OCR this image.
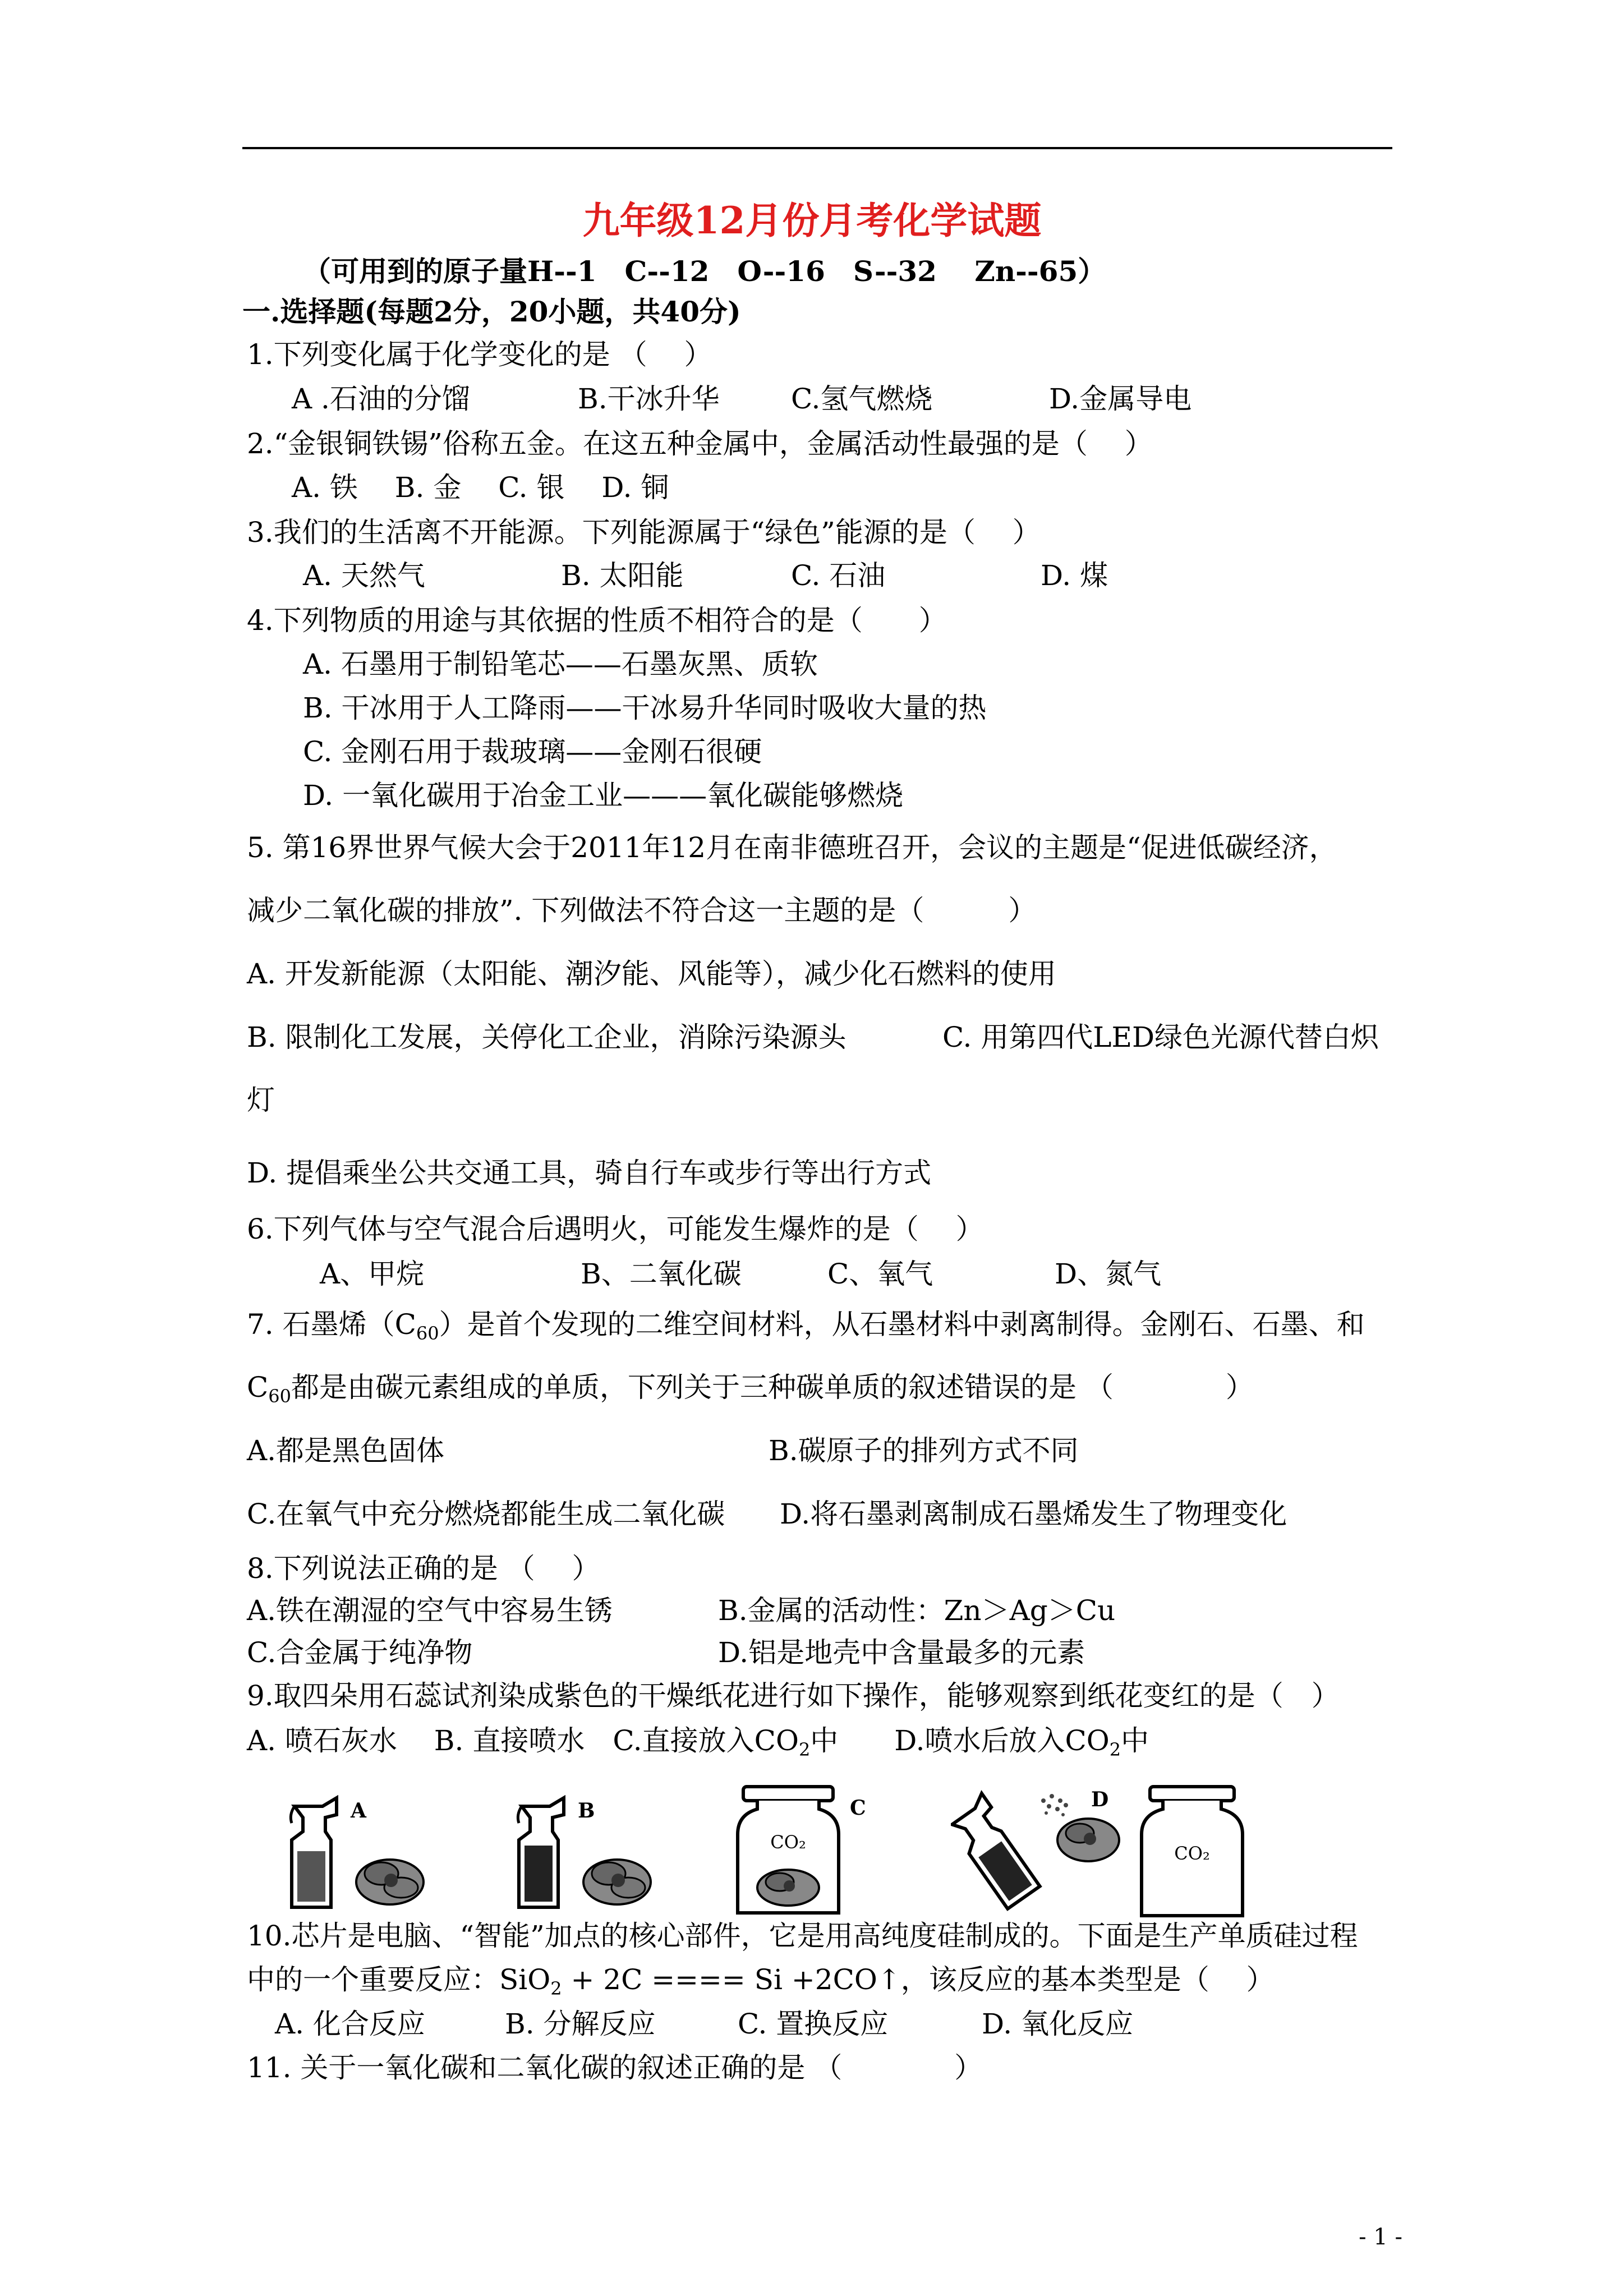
九年级12月份月考化学试题
（可用到的原子量H--1　C--12　O--16　S--32　 Zn--65）
一.选择题(每题2分，20小题，共40分)
1.下列变化属于化学变化的是 （　 ）
A .石油的分馏	B.干冰升华	C.氢气燃烧	D.金属导电
2.“金银铜铁锡”俗称五金。在这五种金属中，金属活动性最强的是（　 ）
A. 铁　 B. 金　 C. 银　 D. 铜
3.我们的生活离不开能源。下列能源属于“绿色”能源的是（　 ）
A. 天然气	B. 太阳能	C. 石油	D. 煤
4.下列物质的用途与其依据的性质不相符合的是（　　）
A. 石墨用于制铅笔芯——石墨灰黑、质软
B. 干冰用于人工降雨——干冰易升华同时吸收大量的热
C. 金刚石用于裁玻璃——金刚石很硬
D. 一氧化碳用于冶金工业———氧化碳能够燃烧
5. 第16界世界气候大会于2011年12月在南非德班召开，会议的主题是“促进低碳经济，
减少二氧化碳的排放”. 下列做法不符合这一主题的是（　　　）
A. 开发新能源（太阳能、潮汐能、风能等），减少化石燃料的使用
B. 限制化工发展，关停化工企业，消除污染源头	C. 用第四代LED绿色光源代替白炽
灯
D. 提倡乘坐公共交通工具，骑自行车或步行等出行方式
6.下列气体与空气混合后遇明火，可能发生爆炸的是（　 ）
A、甲烷	B、二氧化碳	C、氧气	D、氮气
7. 石墨烯$(C_{60})$是首个发现的二维空间材料，从石墨材料中剥离制得。金刚石、石墨、和
$C_{60}$都是由碳元素组成的单质，下列关于三种碳单质的叙述错误的是 （　　　　）
A.都是黑色固体	B.碳原子的排列方式不同
C.在氧气中充分燃烧都能生成二氧化碳 D.将石墨剥离制成石墨烯发生了物理变化
8.下列说法正确的是 （　 ）
A.铁在潮湿的空气中容易生锈	B.金属的活动性：Zn＞Ag＞Cu
C.合金属于纯净物	D.铝是地壳中含量最多的元素
9.取四朵用石蕊试剂染成紫色的干燥纸花进行如下操作，能够观察到纸花变红的是（　）
A. 喷石灰水　 B. 直接喷水　C.直接放入$CO_2$中　　D.喷水后放入$CO_2$中
A	B
CO₂
C	D
CO₂
10.芯片是电脑、“智能”加点的核心部件，它是用高纯度硅制成的。下面是生产单质硅过程
中的一个重要反应：SiO$_2$ + 2C ==== Si +2CO↑，该反应的基本类型是（　 ）
A. 化合反应	B. 分解反应	C. 置换反应	D. 氧化反应
11. 关于一氧化碳和二氧化碳的叙述正确的是 （　　　　）
- 1 -
